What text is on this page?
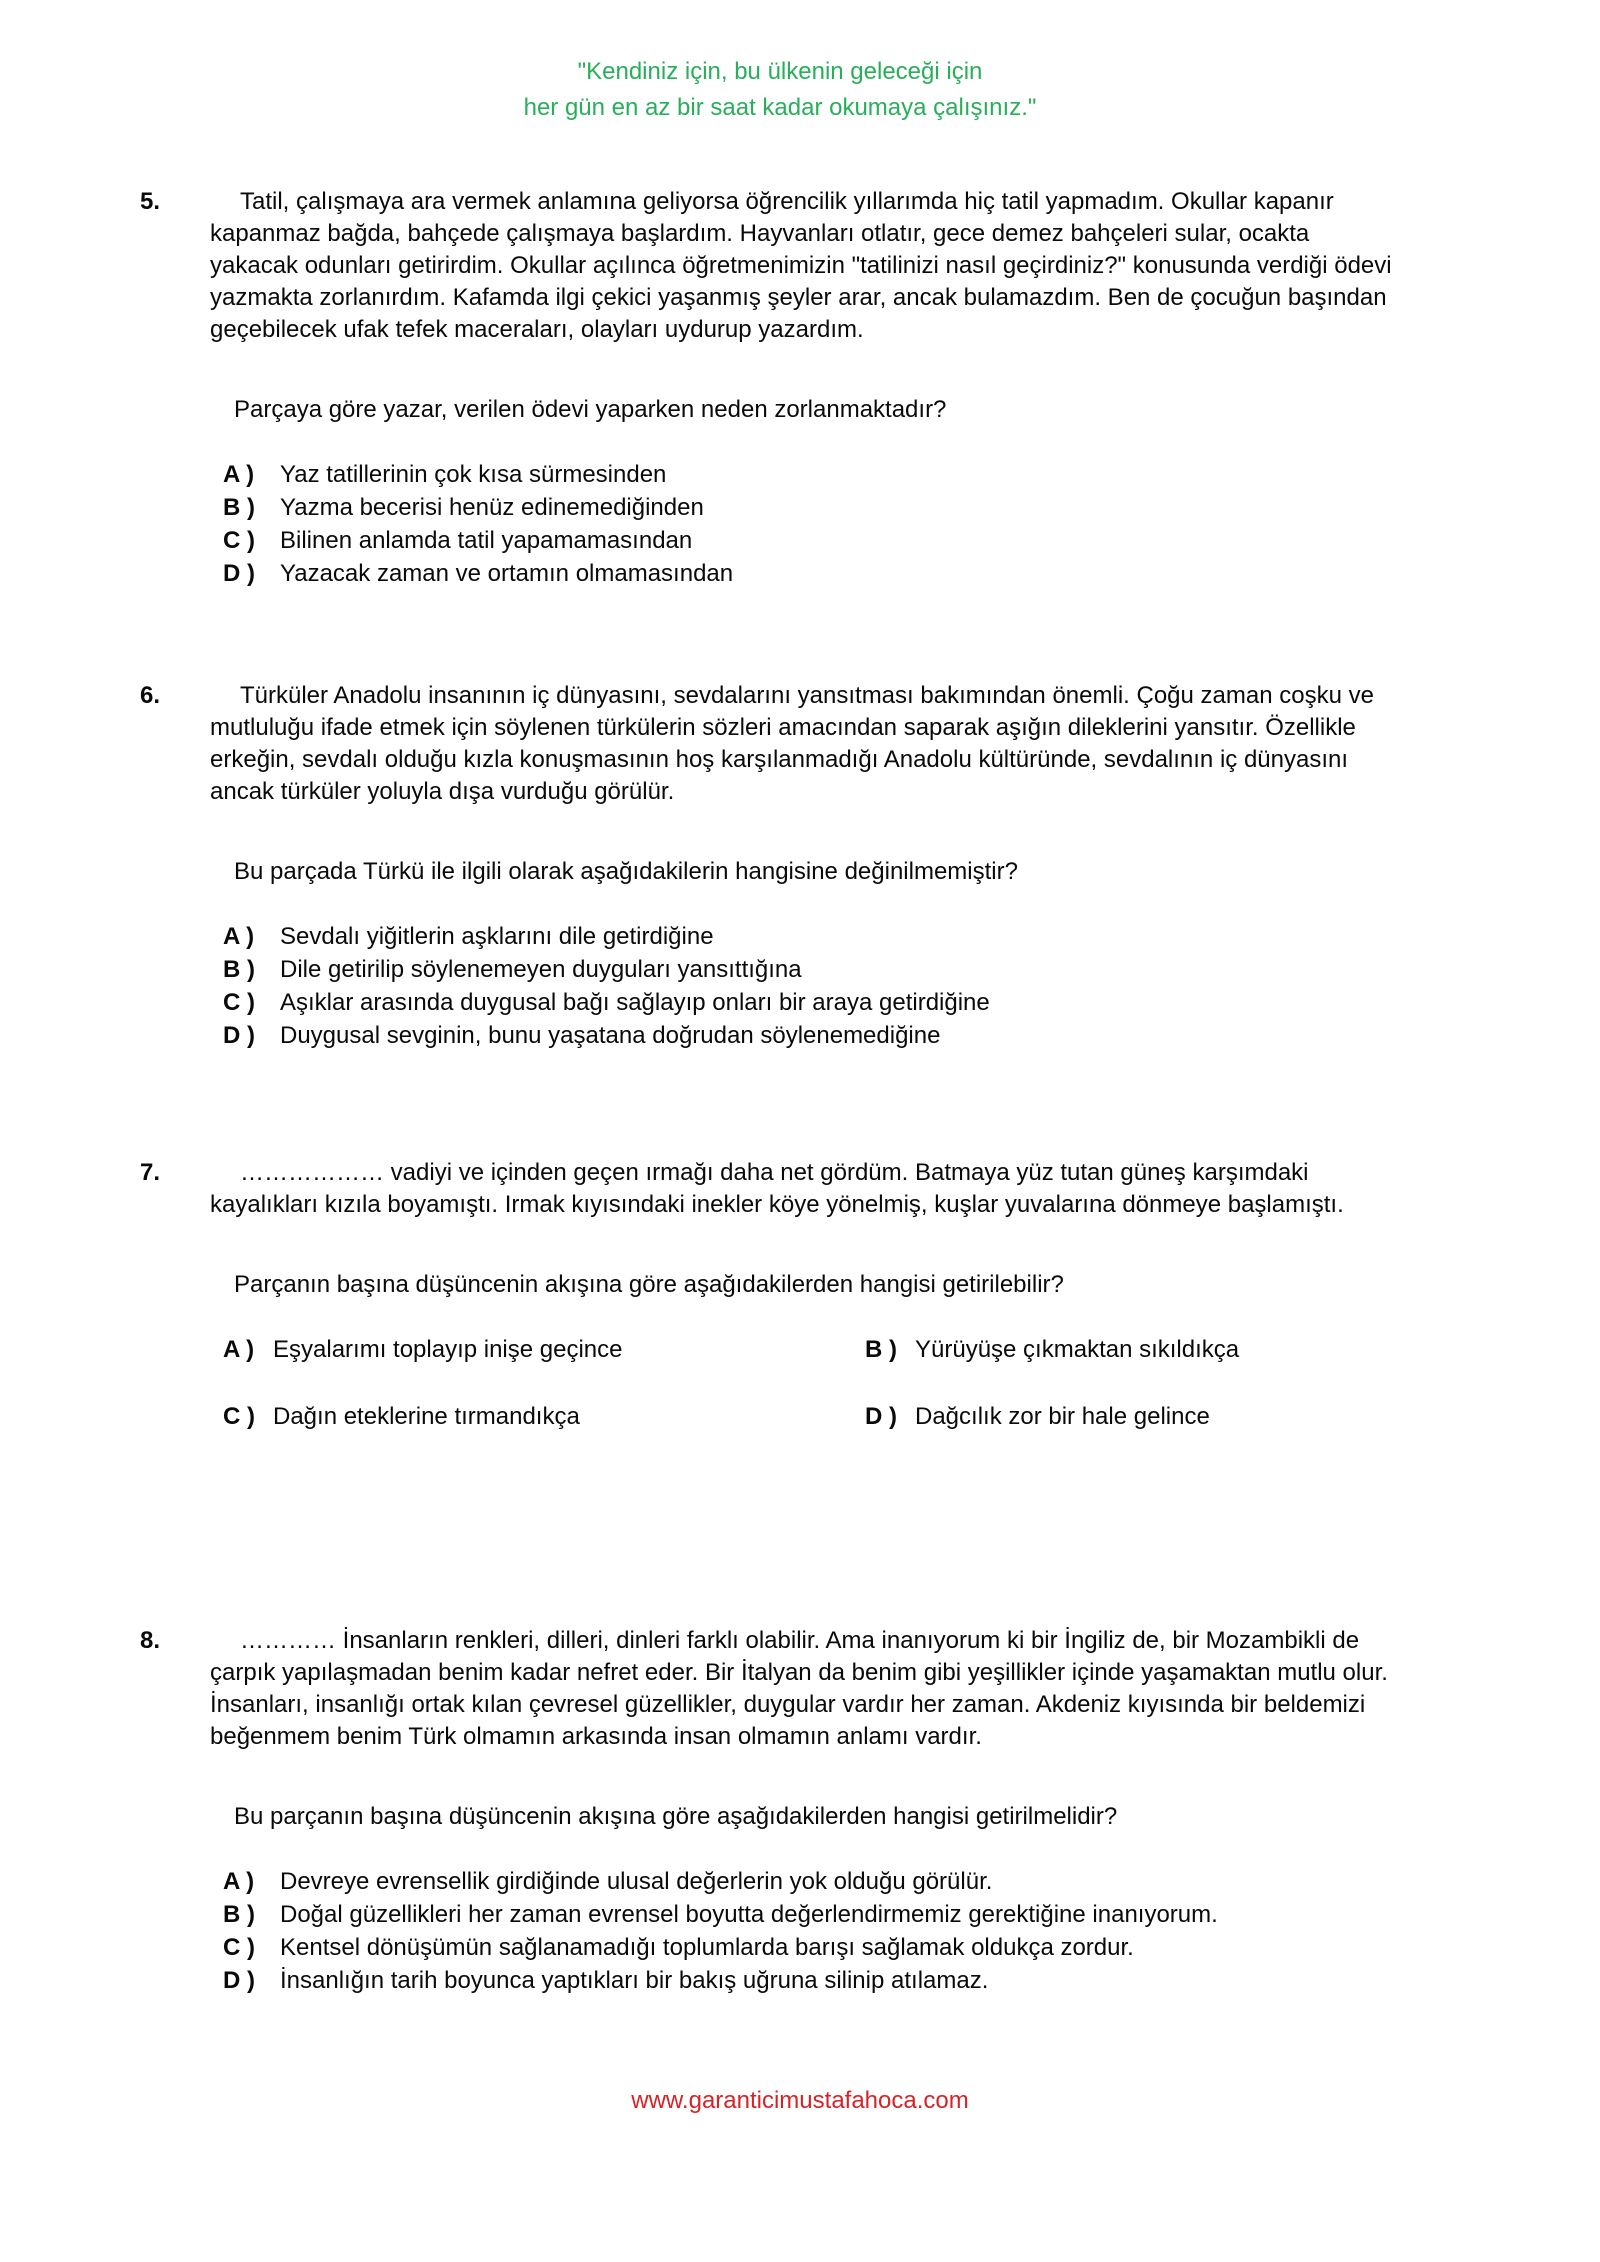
"Kendiniz için, bu ülkenin geleceği için
her gün en az bir saat kadar okumaya çalışınız."
5.	Tatil, çalışmaya ara vermek anlamına geliyorsa öğrencilik yıllarımda hiç tatil yapmadım. Okullar kapanır kapanmaz bağda, bahçede çalışmaya başlardım. Hayvanları otlatır, gece demez bahçeleri sular, ocakta yakacak odunları getirirdim. Okullar açılınca öğretmenimizin "tatilinizi nasıl geçirdiniz?" konusunda verdiği ödevi yazmakta zorlanırdım. Kafamda ilgi çekici yaşanmış şeyler arar, ancak bulamazdım. Ben de çocuğun başından geçebilecek ufak tefek maceraları, olayları uydurup yazardım.

Parçaya göre yazar, verilen ödevi yaparken neden zorlanmaktadır?

A )	Yaz tatillerinin çok kısa sürmesinden
B )	Yazma becerisi henüz edinemediğinden
C )	Bilinen anlamda tatil yapamamasından
D )	Yazacak zaman ve ortamın olmamasından
6.	Türküler Anadolu insanının iç dünyasını, sevdalarını yansıtması bakımından önemli. Çoğu zaman coşku ve mutluluğu ifade etmek için söylenen türkülerin sözleri amacından saparak aşığın dileklerini yansıtır. Özellikle erkeğin, sevdalı olduğu kızla konuşmasının hoş karşılanmadığı Anadolu kültüründe, sevdalının iç dünyasını ancak türküler yoluyla dışa vurduğu görülür.

Bu parçada Türkü ile ilgili olarak aşağıdakilerin hangisine değinilmemiştir?

A )	Sevdalı yiğitlerin aşklarını dile getirdiğine
B )	Dile getirilip söylenemeyen duyguları yansıttığına
C )	Aşıklar arasında duygusal bağı sağlayıp onları bir araya getirdiğine
D )	Duygusal sevginin, bunu yaşatana doğrudan söylenemediğine
7.	……………… vadiyi ve içinden geçen ırmağı daha net gördüm. Batmaya yüz tutan güneş karşımdaki kayalıkları kızıla boyamıştı. Irmak kıyısındaki inekler köye yönelmiş, kuşlar yuvalarına dönmeye başlamıştı.

Parçanın başına düşüncenin akışına göre aşağıdakilerden hangisi getirilebilir?

A ) Eşyalarımı toplayıp inişe geçince	B ) Yürüyüşe çıkmaktan sıkıldıkça
C ) Dağın eteklerine tırmandıkça	D ) Dağcılık zor bir hale gelince
8.	………… İnsanların renkleri, dilleri, dinleri farklı olabilir. Ama inanıyorum ki bir İngiliz de, bir Mozambikli de çarpık yapılaşmadan benim kadar nefret eder. Bir İtalyan da benim gibi yeşillikler içinde yaşamaktan mutlu olur. İnsanları, insanlığı ortak kılan çevresel güzellikler, duygular vardır her zaman. Akdeniz kıyısında bir beldemizi beğenmem benim Türk olmamın arkasında insan olmamın anlamı vardır.

Bu parçanın başına düşüncenin akışına göre aşağıdakilerden hangisi getirilmelidir?

A )	Devreye evrensellik girdiğinde ulusal değerlerin yok olduğu görülür.
B )	Doğal güzellikleri her zaman evrensel boyutta değerlendirmemiz gerektiğine inanıyorum.
C )	Kentsel dönüşümün sağlanamadığı toplumlarda barışı sağlamak oldukça zordur.
D )	İnsanlığın tarih boyunca yaptıkları bir bakış uğruna silinip atılamaz.
www.garanticimustafahoca.com
